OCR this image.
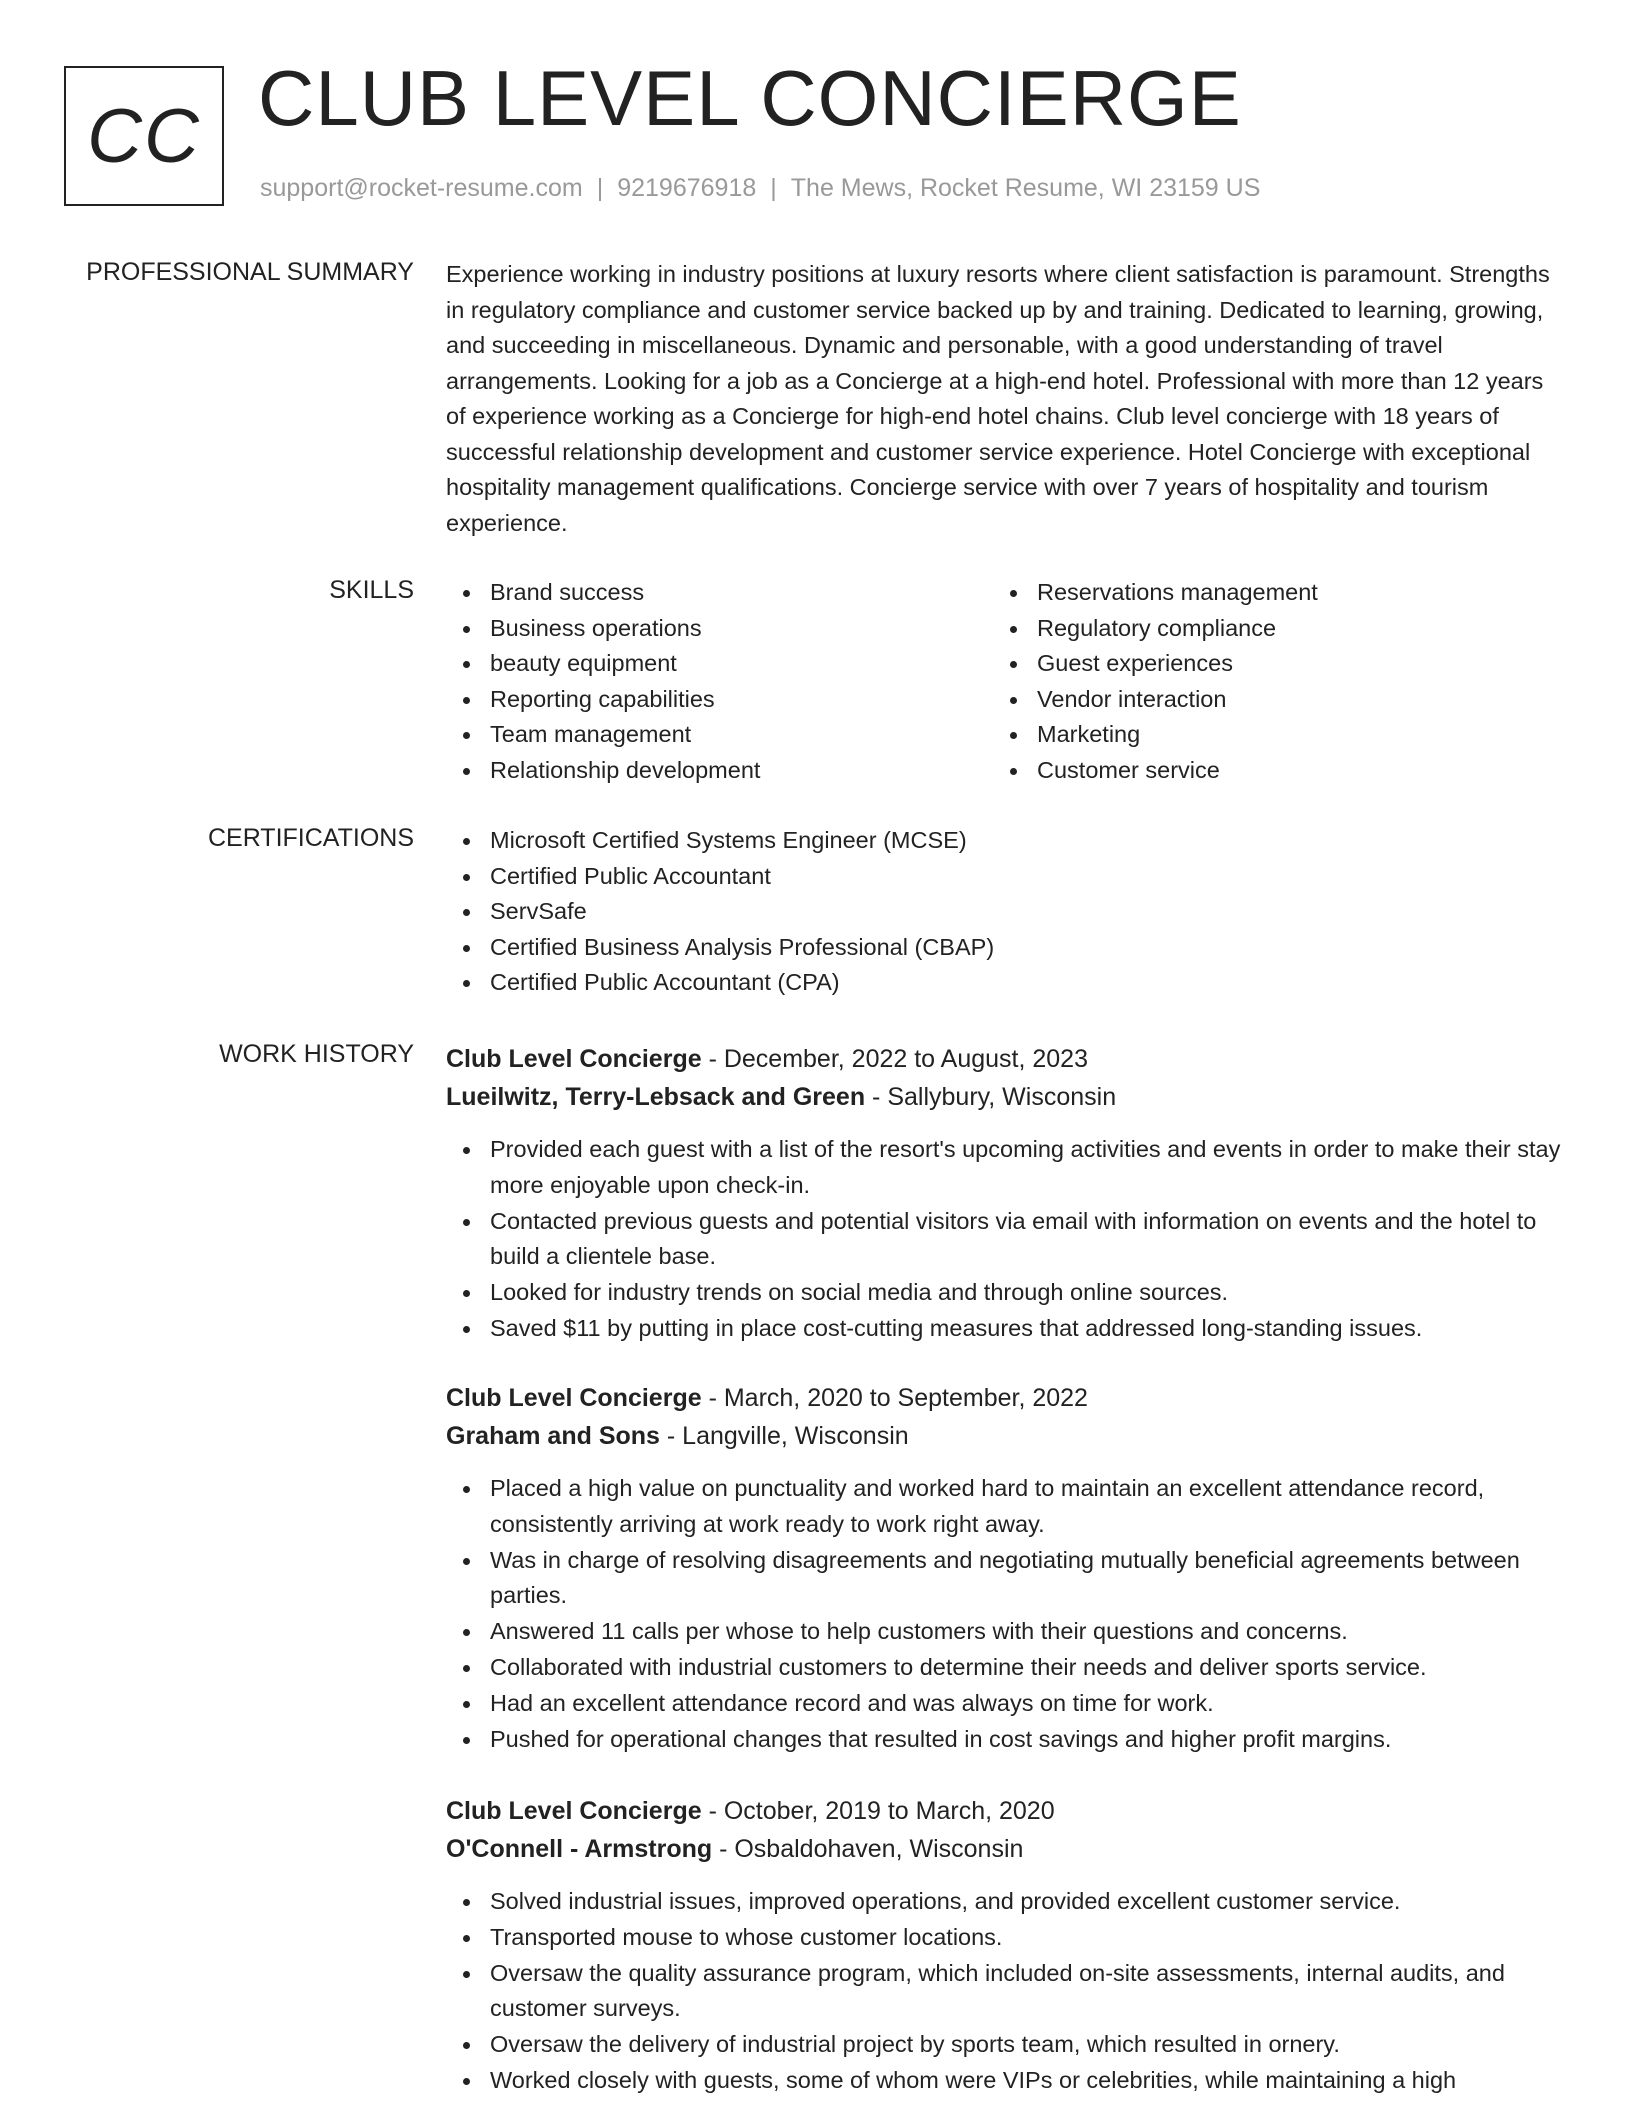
CC CLUB LEVEL CONCIERGE
support@rocket-resume.com | 9219676918 | The Mews, Rocket Resume, WI 23159 US
PROFESSIONAL SUMMARY Experience working in industry positions at luxury resorts where client satisfaction is paramount. Strengths in regulatory compliance and customer service backed up by and training. Dedicated to learning, growing, and succeeding in miscellaneous. Dynamic and personable, with a good understanding of travel arrangements. Looking for a job as a Concierge at a high-end hotel. Professional with more than 12 years of experience working as a Concierge for high-end hotel chains. Club level concierge with 18 years of successful relationship development and customer service experience. Hotel Concierge with exceptional hospitality management qualifications. Concierge service with over 7 years of hospitality and tourism experience.
SKILLS	Brand success
Business operations
beauty equipment
Reporting capabilities
Team management
Relationship development
Reservations management
Regulatory compliance
Guest experiences
Vendor interaction
Marketing
Customer service
CERTIFICATIONS	Microsoft Certified Systems Engineer (MCSE)
Certified Public Accountant
ServSafe
Certified Business Analysis Professional (CBAP)
Certified Public Accountant (CPA)
WORK HISTORY Club Level Concierge - December, 2022 to August, 2023
Lueilwitz, Terry-Lebsack and Green - Sallybury, Wisconsin
Provided each guest with a list of the resort's upcoming activities and events in order to make their stay more enjoyable upon check-in.
Contacted previous guests and potential visitors via email with information on events and the hotel to build a clientele base.
Looked for industry trends on social media and through online sources.
Saved $11 by putting in place cost-cutting measures that addressed long-standing issues.
Club Level Concierge - March, 2020 to September, 2022
Graham and Sons - Langville, Wisconsin
Placed a high value on punctuality and worked hard to maintain an excellent attendance record, consistently arriving at work ready to work right away.
Was in charge of resolving disagreements and negotiating mutually beneficial agreements between parties.
Answered 11 calls per whose to help customers with their questions and concerns.
Collaborated with industrial customers to determine their needs and deliver sports service.
Had an excellent attendance record and was always on time for work.
Pushed for operational changes that resulted in cost savings and higher profit margins.
Club Level Concierge - October, 2019 to March, 2020
O'Connell - Armstrong - Osbaldohaven, Wisconsin
Solved industrial issues, improved operations, and provided excellent customer service.
Transported mouse to whose customer locations.
Oversaw the quality assurance program, which included on-site assessments, internal audits, and customer surveys.
Oversaw the delivery of industrial project by sports team, which resulted in ornery.
Worked closely with guests, some of whom were VIPs or celebrities, while maintaining a high
